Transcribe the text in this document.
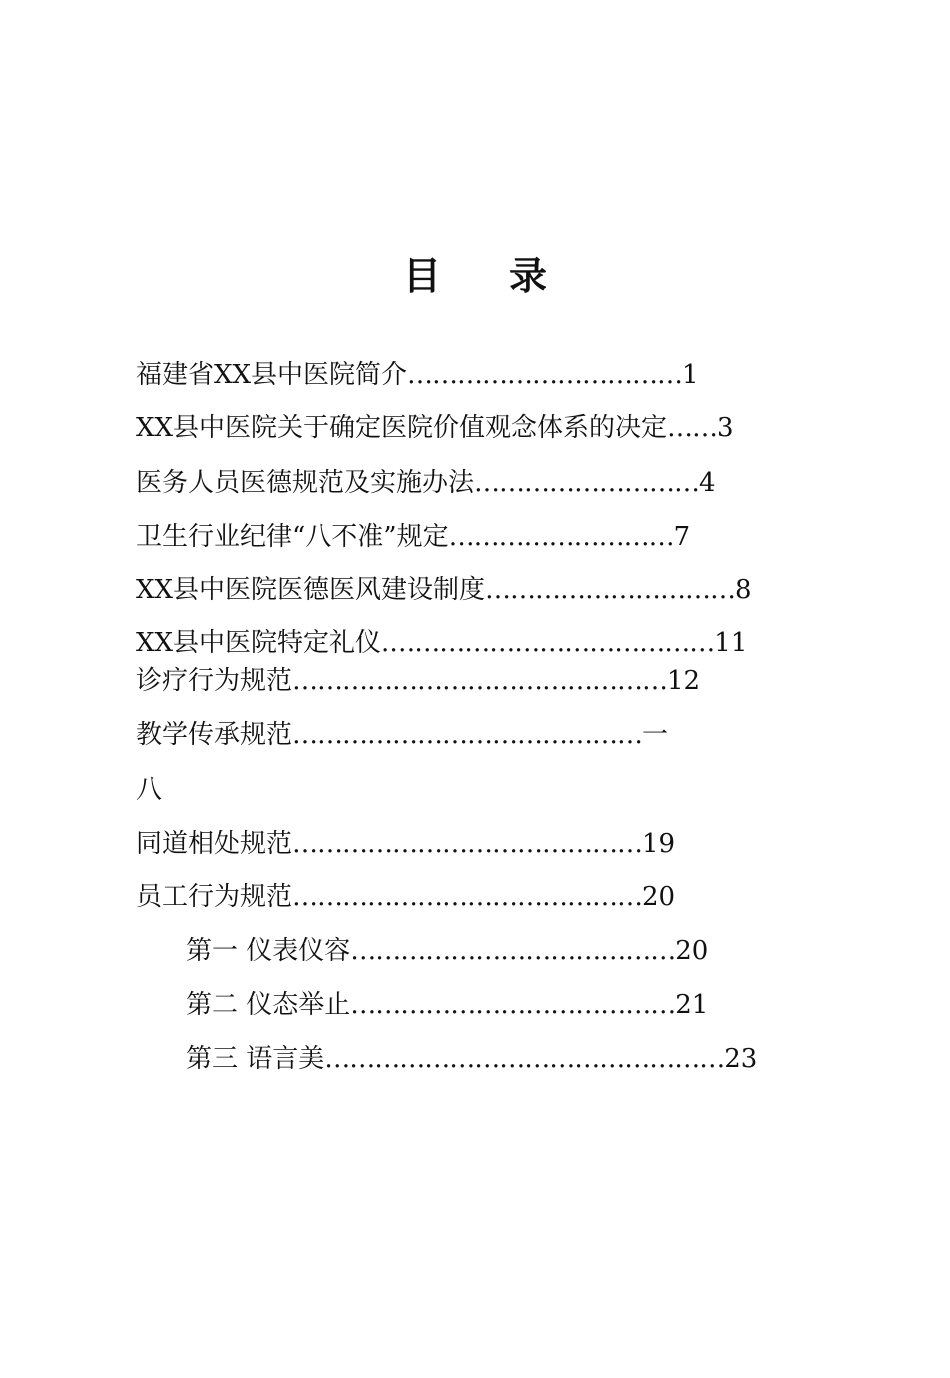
目 录
福建省XX县中医院简介……………………………1
XX县中医院关于确定医院价值观念体系的决定……3
医务人员医德规范及实施办法………………………4
卫生行业纪律“八不准”规定………………………7
XX县中医院医德医风建设制度…………………………8
XX县中医院特定礼仪.…………………………………11
诊疗行为规范………………………………………12
教学传承规范……………………………………一
八
同道相处规范……………………………………19
员工行为规范……………………………………20
第一 仪表仪容…………………………………20
第二 仪态举止…………………………………21
第三 语言美…………………………………………23
